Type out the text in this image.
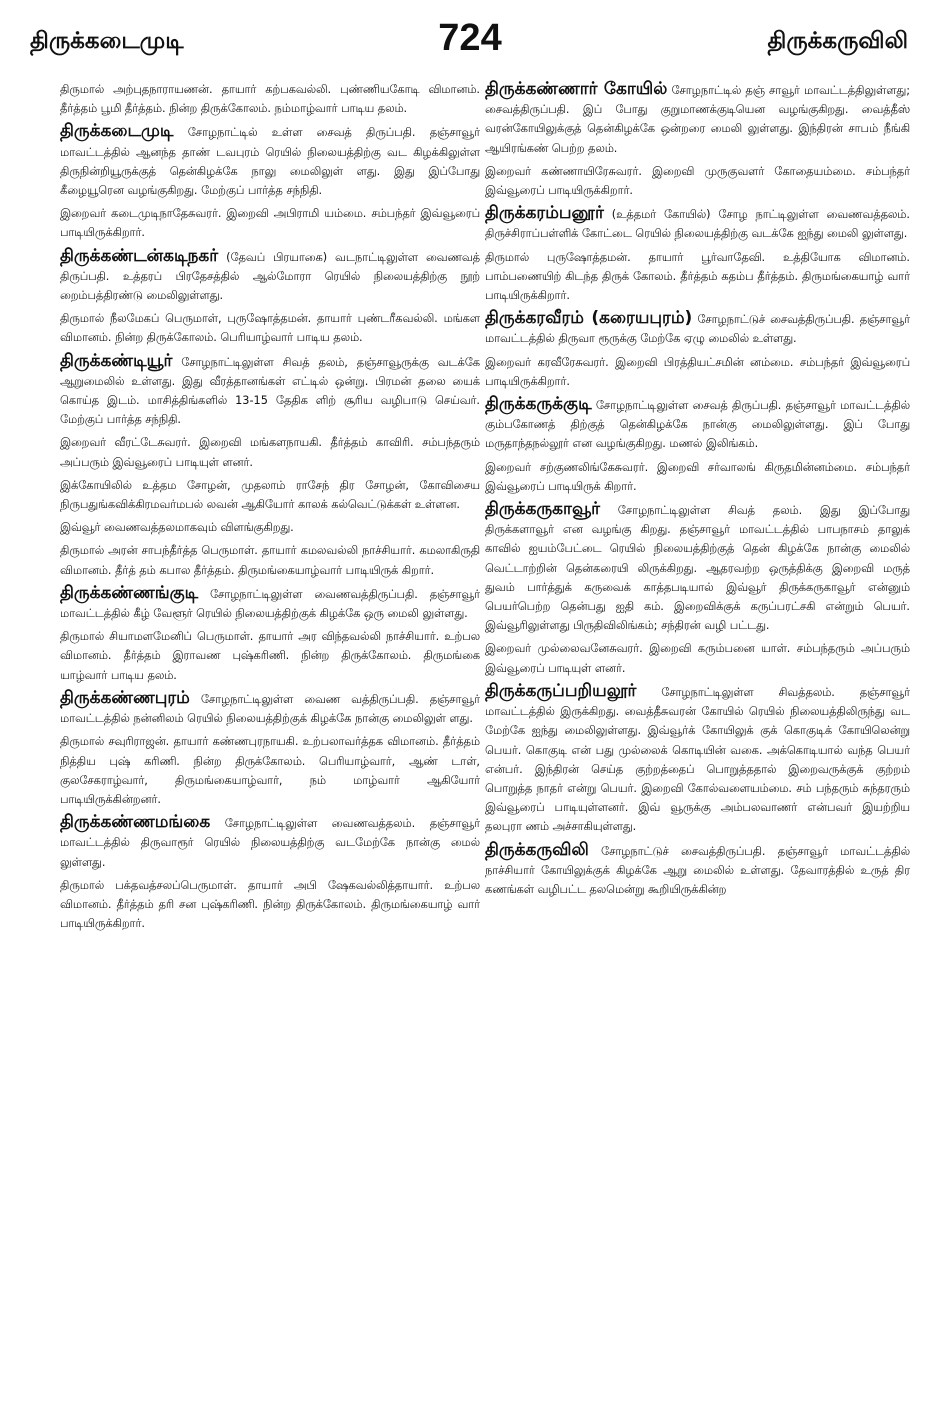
திருக்கடைமுடி	724	திருக்கருவிலி

திருமால் அற்புதநாராயணன். தாயார் கற்பகவல்லி. புண்ணியகோடி விமானம். தீர்த்தம் பூமி தீர்த்தம். நின்ற திருக்கோலம். நம்மாழ்வார் பாடிய தலம்.

திருக்கடைமுடி சோழநாட்டில் உள்ள சைவத் திருப்பதி. தஞ்சாவூர் மாவட்டத்தில் ஆனந்த தாண் டவபுரம் ரெயில் நிலையத்திற்கு வட கிழக்கிலுள்ள திருநின்றியூருக்குத் தென்கிழக்கே நாலு மைலிலுள் ளது. இது இப்போது கீழையூரென வழங்குகிறது. மேற்குப் பார்த்த சந்நிதி.

இறைவர் கடைமுடிநாதேசுவரர். இறைவி அபிராமி யம்மை. சம்பந்தர் இவ்வூரைப் பாடியிருக்கிறார்.

திருக்கண்டன்கடிநகர் (தேவப் பிரயாகை) வடநாட்டிலுள்ள வைணவத் திருப்பதி. உத்தரப் பிரதேசத்தில் ஆல்மோரா ரெயில் நிலையத்திற்கு நூற் றைம்பத்திரண்டு மைலிலுள்ளது.

திருமால் நீலமேகப் பெருமாள், புருஷோத்தமன். தாயார் புண்டரீகவல்லி. மங்கள விமானம். நின்ற திருக்கோலம். பெரியாழ்வார் பாடிய தலம்.

திருக்கண்டியூர் சோழநாட்டிலுள்ள சிவத் தலம், தஞ்சாவூருக்கு வடக்கே ஆறுமைலில் உள்ளது. இது வீரத்தானங்கள் எட்டில் ஒன்று. பிரமன் தலை யைக் கொய்த இடம். மாசித்திங்களில் 13-15 தேதிக ளிற் சூரிய வழிபாடு செய்வர். மேற்குப் பார்த்த சந்நிதி.

இறைவர் வீரட்டேசுவரர். இறைவி மங்களநாயகி. தீர்த்தம் காவிரி. சம்பந்தரும் அப்பரும் இவ்வூரைப் பாடியுள் ளனர்.

இக்கோயிலில் உத்தம சோழன், முதலாம் ராசேந் திர சோழன், கோவிசைய நிருபதுங்கவிக்கிரமவர்மபல் லவன் ஆகியோர் காலக் கல்வெட்டுக்கள் உள்ளன.

இவ்வூர் வைணவத்தலமாகவும் விளங்குகிறது.

திருமால் அரன் சாபந்தீர்த்த பெருமாள். தாயார் கமலவல்லி நாச்சியார். கமலாகிருதி விமானம். தீர்த் தம் கபால தீர்த்தம். திருமங்கையாழ்வார் பாடியிருக் கிறார்.

திருக்கண்ணங்குடி சோழநாட்டிலுள்ள வைணவத்திருப்பதி. தஞ்சாவூர் மாவட்டத்தில் கீழ் வேளூர் ரெயில் நிலையத்திற்குக் கிழக்கே ஒரு மைலி லுள்ளது.

திருமால் சியாமளமேனிப் பெருமாள். தாயார் அர விந்தவல்லி நாச்சியார். உற்பல விமானம். தீர்த்தம் இராவண புஷ்கரிணி. நின்ற திருக்கோலம். திருமங்கை யாழ்வார் பாடிய தலம்.

திருக்கண்ணபுரம் சோழநாட்டிலுள்ள வைண வத்திருப்பதி. தஞ்சாவூர் மாவட்டத்தில் நன்னிலம் ரெயில் நிலையத்திற்குக் கிழக்கே நான்கு மைலிலுள் ளது.

திருமால் சவுரிராஜன். தாயார் கண்ணபுரநாயகி. உற்பலாவர்த்தக விமானம். தீர்த்தம் நித்திய புஷ் கரிணி. நின்ற திருக்கோலம். பெரியாழ்வார், ஆண் டாள், குலசேகராழ்வார், திருமங்கையாழ்வார், நம் மாழ்வார் ஆகியோர் பாடியிருக்கின்றனர்.

திருக்கண்ணமங்கை சோழநாட்டிலுள்ள வைணவத்தலம். தஞ்சாவூர் மாவட்டத்தில் திருவாரூர் ரெயில் நிலையத்திற்கு வடமேற்கே நான்கு மைல் லுள்ளது.

திருமால் பக்தவத்சலப்பெருமாள். தாயார் அபி ஷேகவல்லித்தாயார். உற்பல விமானம். தீர்த்தம் தரி சன புஷ்கரிணி. நின்ற திருக்கோலம். திருமங்கையாழ் வார் பாடியிருக்கிறார்.

திருக்கண்ணார் கோயில் சோழநாட்டில் தஞ் சாவூர் மாவட்டத்திலுள்ளது; சைவத்திருப்பதி. இப் போது குறுமாணக்குடியென வழங்குகிறது. வைத்தீஸ் வரன்கோயிலுக்குத் தென்கிழக்கே ஒன்றரை மைலி லுள்ளது. இந்திரன் சாபம் நீங்கி ஆயிரங்கண் பெற்ற தலம்.

இறைவர் கண்ணாயிரேசுவரர். இறைவி முருகுவளர் கோதையம்மை. சம்பந்தர் இவ்வூரைப் பாடியிருக்கிறார்.

திருக்கரம்பனூர் (உத்தமர் கோயில்) சோழ நாட்டிலுள்ள வைணவத்தலம். திருச்சிராப்பள்ளிக் கோட்டை ரெயில் நிலையத்திற்கு வடக்கே ஐந்து மைலி லுள்ளது.

திருமால் புருஷோத்தமன். தாயார் பூர்வாதேவி. உத்தியோக விமானம். பாம்பணையிற் கிடந்த திருக் கோலம். தீர்த்தம் கதம்ப தீர்த்தம். திருமங்கையாழ் வார் பாடியிருக்கிறார்.

திருக்கரவீரம் (கரையபுரம்) சோழநாட்டுச் சைவத்திருப்பதி. தஞ்சாவூர் மாவட்டத்தில் திருவா ரூருக்கு மேற்கே ஏழு மைலில் உள்ளது.

இறைவர் கரவீரேசுவரர். இறைவி பிரத்தியட்சமின் னம்மை. சம்பந்தர் இவ்வூரைப் பாடியிருக்கிறார்.

திருக்கருக்குடி சோழநாட்டிலுள்ள சைவத் திருப்பதி. தஞ்சாவூர் மாவட்டத்தில் கும்பகோணத் திற்குத் தென்கிழக்கே நான்கு மைலிலுள்ளது. இப் போது மருதாந்தநல்லூர் என வழங்குகிறது. மணல் இலிங்கம்.

இறைவர் சற்குணலிங்கேசுவரர். இறைவி சர்வாலங் கிருதமின்னம்மை. சம்பந்தர் இவ்வூரைப் பாடியிருக் கிறார்.

திருக்கருகாவூர் சோழநாட்டிலுள்ள சிவத் தலம். இது இப்போது திருக்களாவூர் என வழங்கு கிறது. தஞ்சாவூர் மாவட்டத்தில் பாபநாசம் தாலுக் காவில் ஐயம்பேட்டை ரெயில் நிலையத்திற்குத் தென் கிழக்கே நான்கு மைலில் வெட்டாற்றின் தென்கரையி லிருக்கிறது. ஆதரவற்ற ஒருத்திக்கு இறைவி மருத் துவம் பார்த்துக் கருவைக் காத்தபடியால் இவ்வூர் திருக்கருகாவூர் என்னும் பெயர்பெற்ற தென்பது ஐதி கம். இறைவிக்குக் கருப்பரட்சகி என்றும் பெயர். இவ்வூரிலுள்ளது பிருதிவிலிங்கம்; சந்திரன் வழி பட்டது.

இறைவர் முல்லைவனேசுவரர். இறைவி கரும்பனை யாள். சம்பந்தரும் அப்பரும் இவ்வூரைப் பாடியுள் ளனர்.

திருக்கருப்பறியலூர் சோழநாட்டிலுள்ள சிவத்தலம். தஞ்சாவூர் மாவட்டத்தில் இருக்கிறது. வைத்தீசுவரன் கோயில் ரெயில் நிலையத்திலிருந்து வட மேற்கே ஐந்து மைலிலுள்ளது. இவ்வூர்க் கோயிலுக் குக் கொகுடிக் கோயிலென்று பெயர். கொகுடி என் பது முல்லைக் கொடியின் வகை. அக்கொடியால் வந்த பெயர் என்பர். இந்திரன் செய்த குற்றத்தைப் பொறுத்ததால் இறைவருக்குக் குற்றம் பொறுத்த நாதர் என்று பெயர். இறைவி கோல்வளையம்மை. சம் பந்தரும் சுந்தரரும் இவ்வூரைப் பாடியுள்ளனர். இவ் வூருக்கு அம்பலவாணர் என்பவர் இயற்றிய தலபுரா ணம் அச்சாகியுள்ளது.

திருக்கருவிலி சோழநாட்டுச் சைவத்திருப்பதி. தஞ்சாவூர் மாவட்டத்தில் நாச்சியார் கோயிலுக்குக் கிழக்கே ஆறு மைலில் உள்ளது. தேவாரத்தில் உருத் திர கணங்கள் வழிபட்ட தலமென்று கூறியிருக்கின்ற
